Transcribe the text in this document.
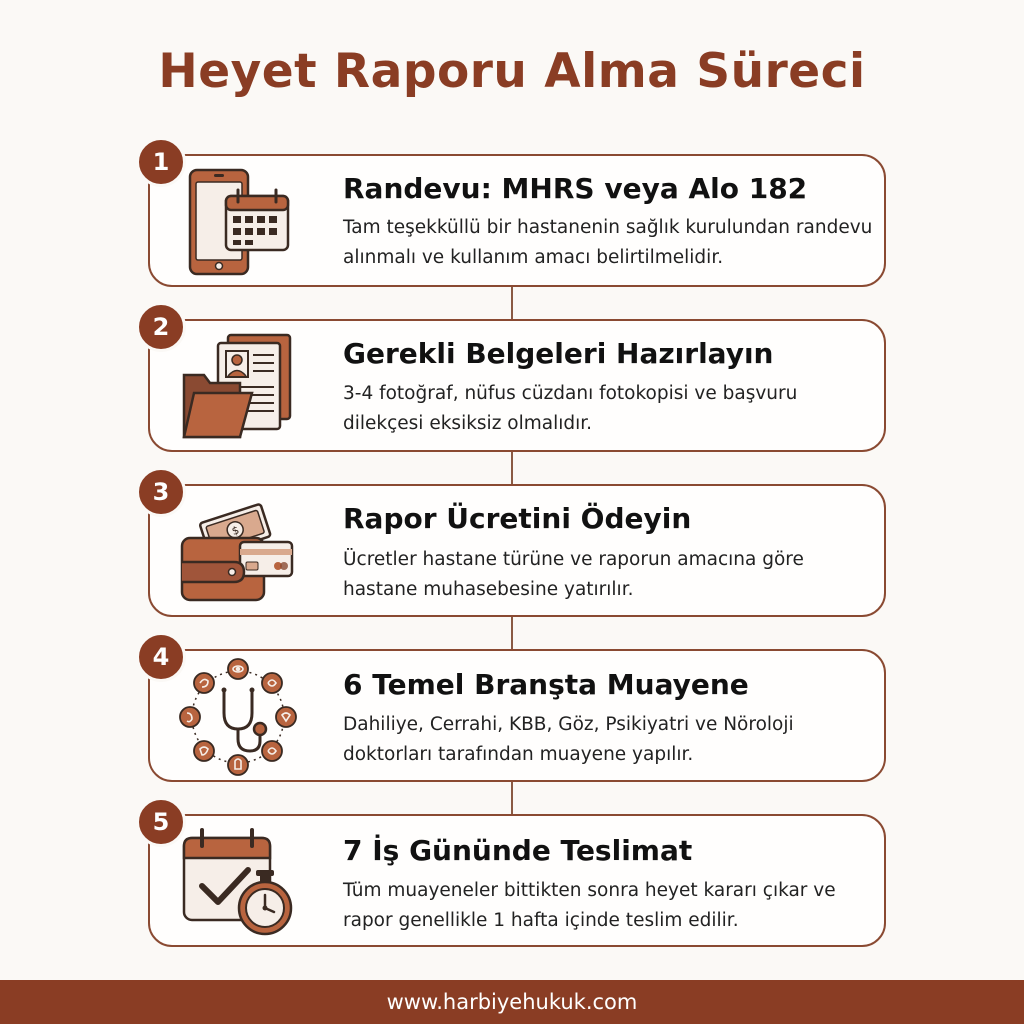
Heyet Raporu Alma Süreci
1
Randevu: MHRS veya Alo 182
Tam teşekküllü bir hastanenin sağlık kurulundan randevu alınmalı ve kullanım amacı belirtilmelidir.
2
Gerekli Belgeleri Hazırlayın
3-4 fotoğraf, nüfus cüzdanı fotokopisi ve başvuru dilekçesi eksiksiz olmalıdır.
3
$	Rapor Ücretini Ödeyin
Ücretler hastane türüne ve raporun amacına göre hastane muhasebesine yatırılır.
4
6 Temel Branşta Muayene
Dahiliye, Cerrahi, KBB, Göz, Psikiyatri ve Nöroloji doktorları tarafından muayene yapılır.
5
7 İş Gününde Teslimat
Tüm muayeneler bittikten sonra heyet kararı çıkar ve rapor genellikle 1 hafta içinde teslim edilir.
www.harbiyehukuk.com
